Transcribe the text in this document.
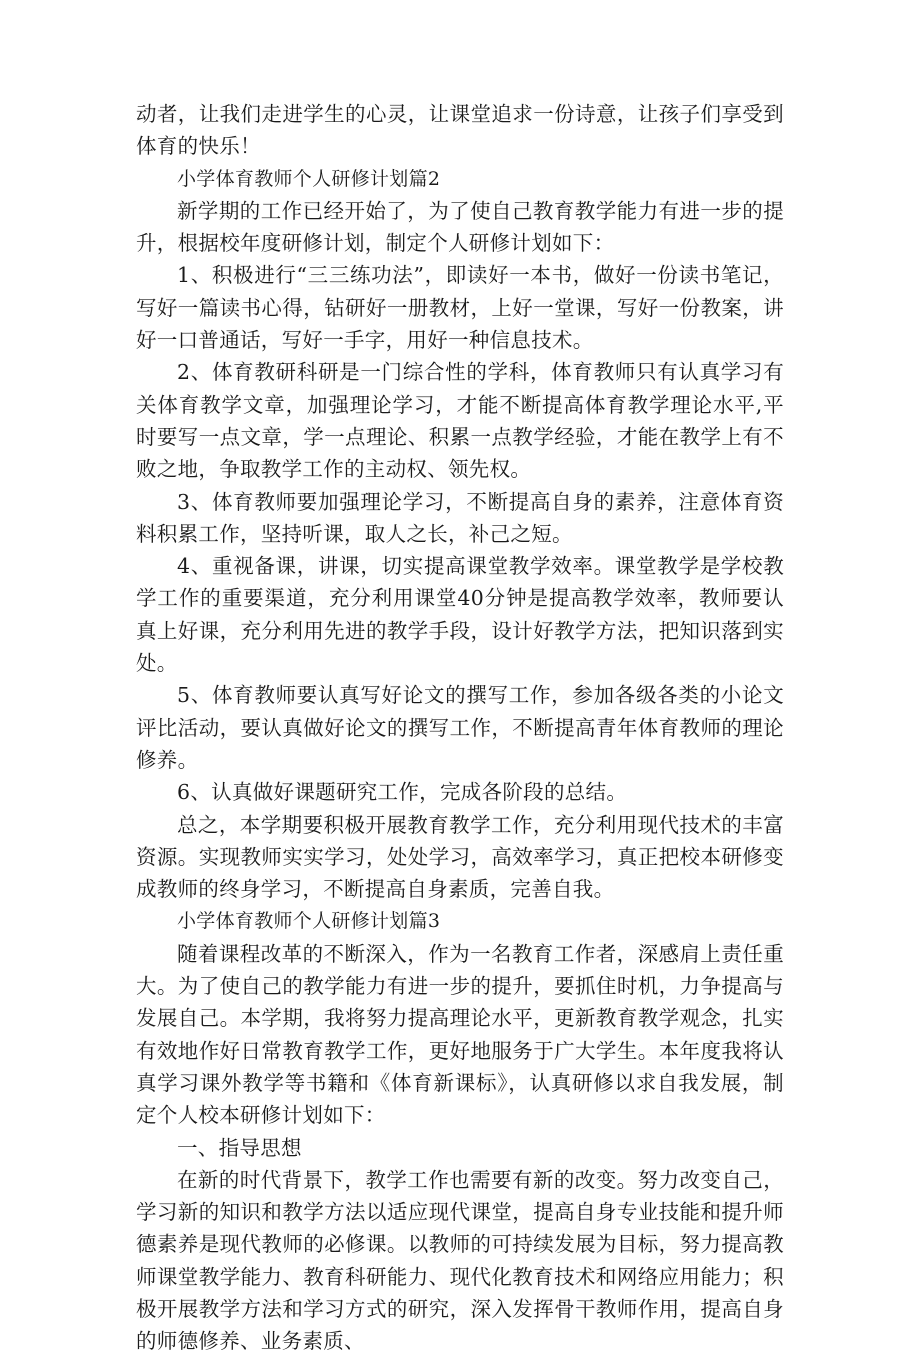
动者，让我们走进学生的心灵，让课堂追求一份诗意，让孩子们享受到体育的快乐！

小学体育教师个人研修计划篇2

新学期的工作已经开始了，为了使自己教育教学能力有进一步的提升，根据校年度研修计划，制定个人研修计划如下：

1、积极进行“三三练功法”，即读好一本书，做好一份读书笔记，写好一篇读书心得，钻研好一册教材，上好一堂课，写好一份教案，讲好一口普通话，写好一手字，用好一种信息技术。

2、体育教研科研是一门综合性的学科，体育教师只有认真学习有关体育教学文章，加强理论学习，才能不断提高体育教学理论水平,平时要写一点文章，学一点理论、积累一点教学经验，才能在教学上有不败之地，争取教学工作的主动权、领先权。

3、体育教师要加强理论学习，不断提高自身的素养，注意体育资料积累工作，坚持听课，取人之长，补己之短。

4、重视备课，讲课，切实提高课堂教学效率。课堂教学是学校教学工作的重要渠道，充分利用课堂40分钟是提高教学效率，教师要认真上好课，充分利用先进的教学手段，设计好教学方法，把知识落到实处。

5、体育教师要认真写好论文的撰写工作，参加各级各类的小论文评比活动，要认真做好论文的撰写工作，不断提高青年体育教师的理论修养。

6、认真做好课题研究工作，完成各阶段的总结。

总之，本学期要积极开展教育教学工作，充分利用现代技术的丰富资源。实现教师实实学习，处处学习，高效率学习，真正把校本研修变成教师的终身学习，不断提高自身素质，完善自我。

小学体育教师个人研修计划篇3

随着课程改革的不断深入，作为一名教育工作者，深感肩上责任重大。为了使自己的教学能力有进一步的提升，要抓住时机，力争提高与发展自己。本学期，我将努力提高理论水平，更新教育教学观念，扎实有效地作好日常教育教学工作，更好地服务于广大学生。本年度我将认真学习课外教学等书籍和《体育新课标》，认真研修以求自我发展，制定个人校本研修计划如下：

一、指导思想

在新的时代背景下，教学工作也需要有新的改变。努力改变自己，学习新的知识和教学方法以适应现代课堂，提高自身专业技能和提升师德素养是现代教师的必修课。以教师的可持续发展为目标，努力提高教师课堂教学能力、教育科研能力、现代化教育技术和网络应用能力；积极开展教学方法和学习方式的研究，深入发挥骨干教师作用，提高自身的师德修养、业务素质、
